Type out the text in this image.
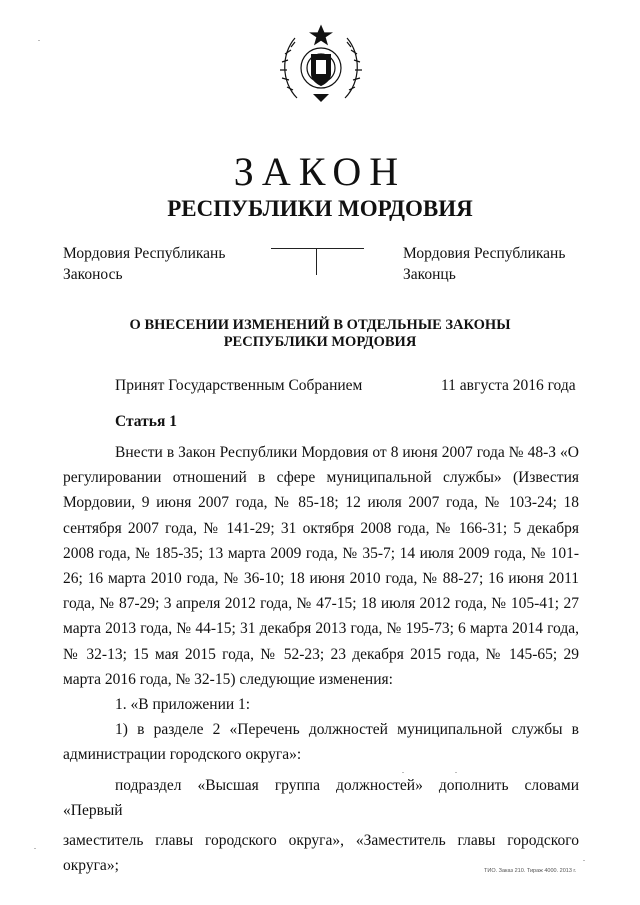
ЗАКОН
РЕСПУБЛИКИ МОРДОВИЯ
Мордовия Республикань
Законось
Мордовия Республикань
Законць
О ВНЕСЕНИИ ИЗМЕНЕНИЙ В ОТДЕЛЬНЫЕ ЗАКОНЫ
РЕСПУБЛИКИ МОРДОВИЯ
Принят Государственным Собранием	11 августа 2016 года
Статья 1

Внести в Закон Республики Мордовия от 8 июня 2007 года № 48-З «О

регулировании отношений в сфере муниципальной службы» (Известия

Мордовии, 9 июня 2007 года, № 85-18; 12 июля 2007 года, № 103-24; 18

сентября 2007 года, № 141-29; 31 октября 2008 года, № 166-31; 5 декабря

2008 года, № 185-35; 13 марта 2009 года, № 35-7; 14 июля 2009 года, № 101-

26; 16 марта 2010 года, № 36-10; 18 июня 2010 года, № 88-27; 16 июня 2011

года, № 87-29; 3 апреля 2012 года, № 47-15; 18 июля 2012 года, № 105-41; 27

марта 2013 года, № 44-15; 31 декабря 2013 года, № 195-73; 6 марта 2014 года,

№ 32-13; 15 мая 2015 года, № 52-23; 23 декабря 2015 года, № 145-65; 29

марта 2016 года, № 32-15) следующие изменения:

1. «В приложении 1:

1) в разделе 2 «Перечень должностей муниципальной службы в

администрации городского округа»:

подраздел «Высшая группа должностей» дополнить словами «Первый

заместитель главы городского округа», «Заместитель главы городского

округа»;	ТИО. Заказ 210. Тираж 4000. 2013 г.
